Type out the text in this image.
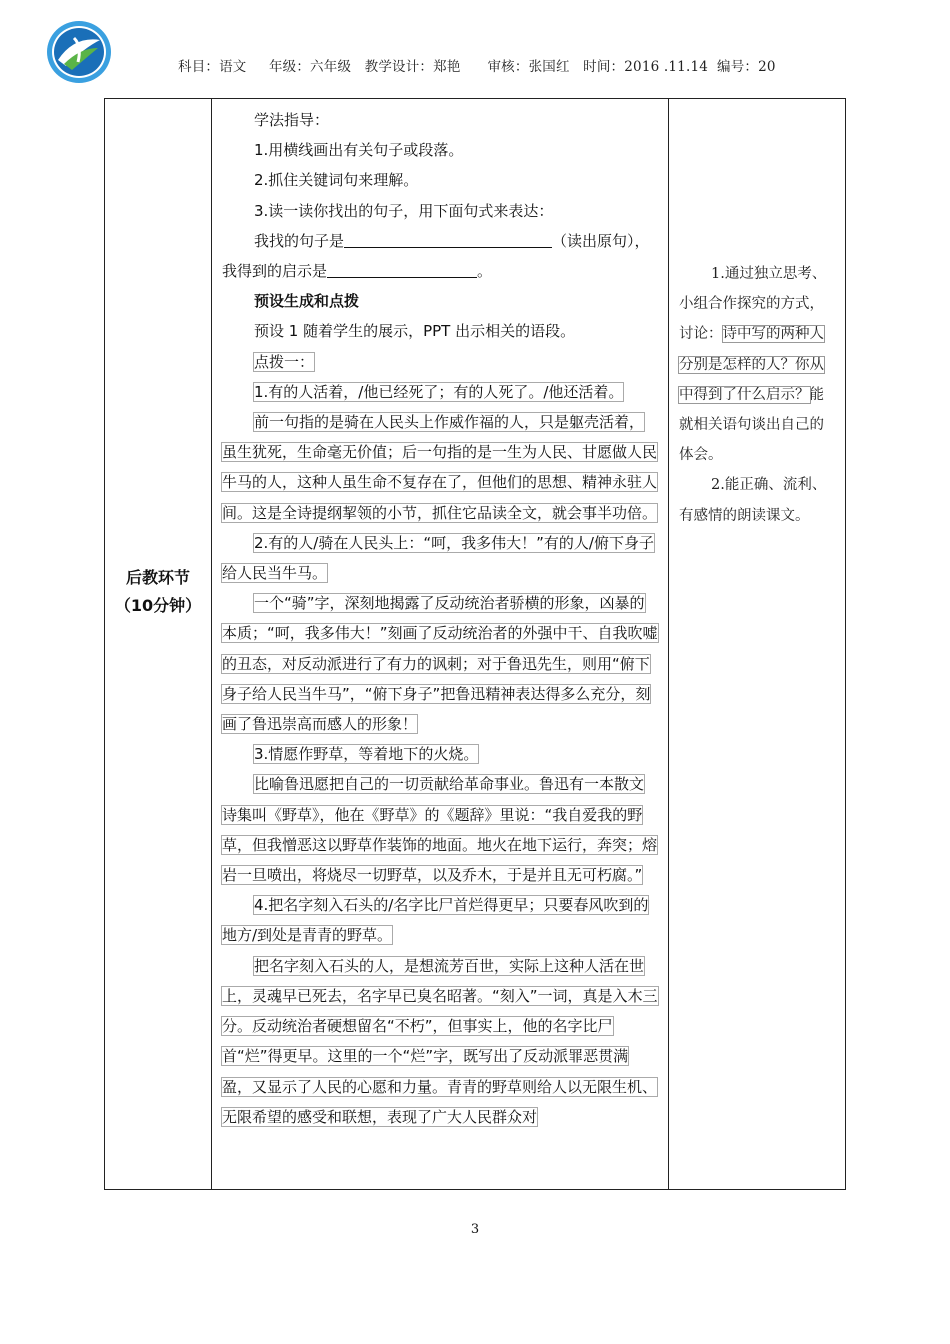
科目：语文     年级：六年级   教学设计：郑艳      审核：张国红   时间：2016 .11.14  编号：20
后教环节
（10分钟）

学法指导：

1.用横线画出有关句子或段落。

2.抓住关键词句来理解。

3.读一读你找出的句子，用下面句式来表达：

我找的句子是	（读出原句），

我得到的启示是	。

预设生成和点拨

预设 1 随着学生的展示，PPT 出示相关的语段。

点拨一：

1.有的人活着，/他已经死了；有的人死了。/他还活着。

前一句指的是骑在人民头上作威作福的人，只是躯壳活着，虽生犹死，生命毫无价值；后一句指的是一生为人民、甘愿做人民牛马的人，这种人虽生命不复存在了，但他们的思想、精神永驻人间。这是全诗提纲挈领的小节，抓住它品读全文，就会事半功倍。

2.有的人/骑在人民头上：“呵，我多伟大！”有的人/俯下身子给人民当牛马。

一个“骑”字，深刻地揭露了反动统治者骄横的形象，凶暴的本质；“呵，我多伟大！”刻画了反动统治者的外强中干、自我吹嘘的丑态，对反动派进行了有力的讽刺；对于鲁迅先生，则用“俯下身子给人民当牛马”，“俯下身子”把鲁迅精神表达得多么充分，刻画了鲁迅崇高而感人的形象！

3.情愿作野草，等着地下的火烧。

比喻鲁迅愿把自己的一切贡献给革命事业。鲁迅有一本散文诗集叫《野草》，他在《野草》的《题辞》里说：“我自爱我的野草，但我憎恶这以野草作装饰的地面。地火在地下运行，奔突；熔岩一旦喷出，将烧尽一切野草，以及乔木，于是并且无可朽腐。”

4.把名字刻入石头的/名字比尸首烂得更早；只要春风吹到的地方/到处是青青的野草。

把名字刻入石头的人，是想流芳百世，实际上这种人活在世上，灵魂早已死去，名字早已臭名昭著。“刻入”一词，真是入木三分。反动统治者硬想留名“不朽”，但事实上，他的名字比尸首“烂”得更早。这里的一个“烂”字，既写出了反动派罪恶贯满盈，又显示了人民的心愿和力量。青青的野草则给人以无限生机、无限希望的感受和联想，表现了广大人民群众对

1.通过独立思考、小组合作探究的方式，讨论：诗中写的两种人分别是怎样的人？你从中得到了什么启示？能就相关语句谈出自己的体会。

2.能正确、流利、有感情的朗读课文。

3
